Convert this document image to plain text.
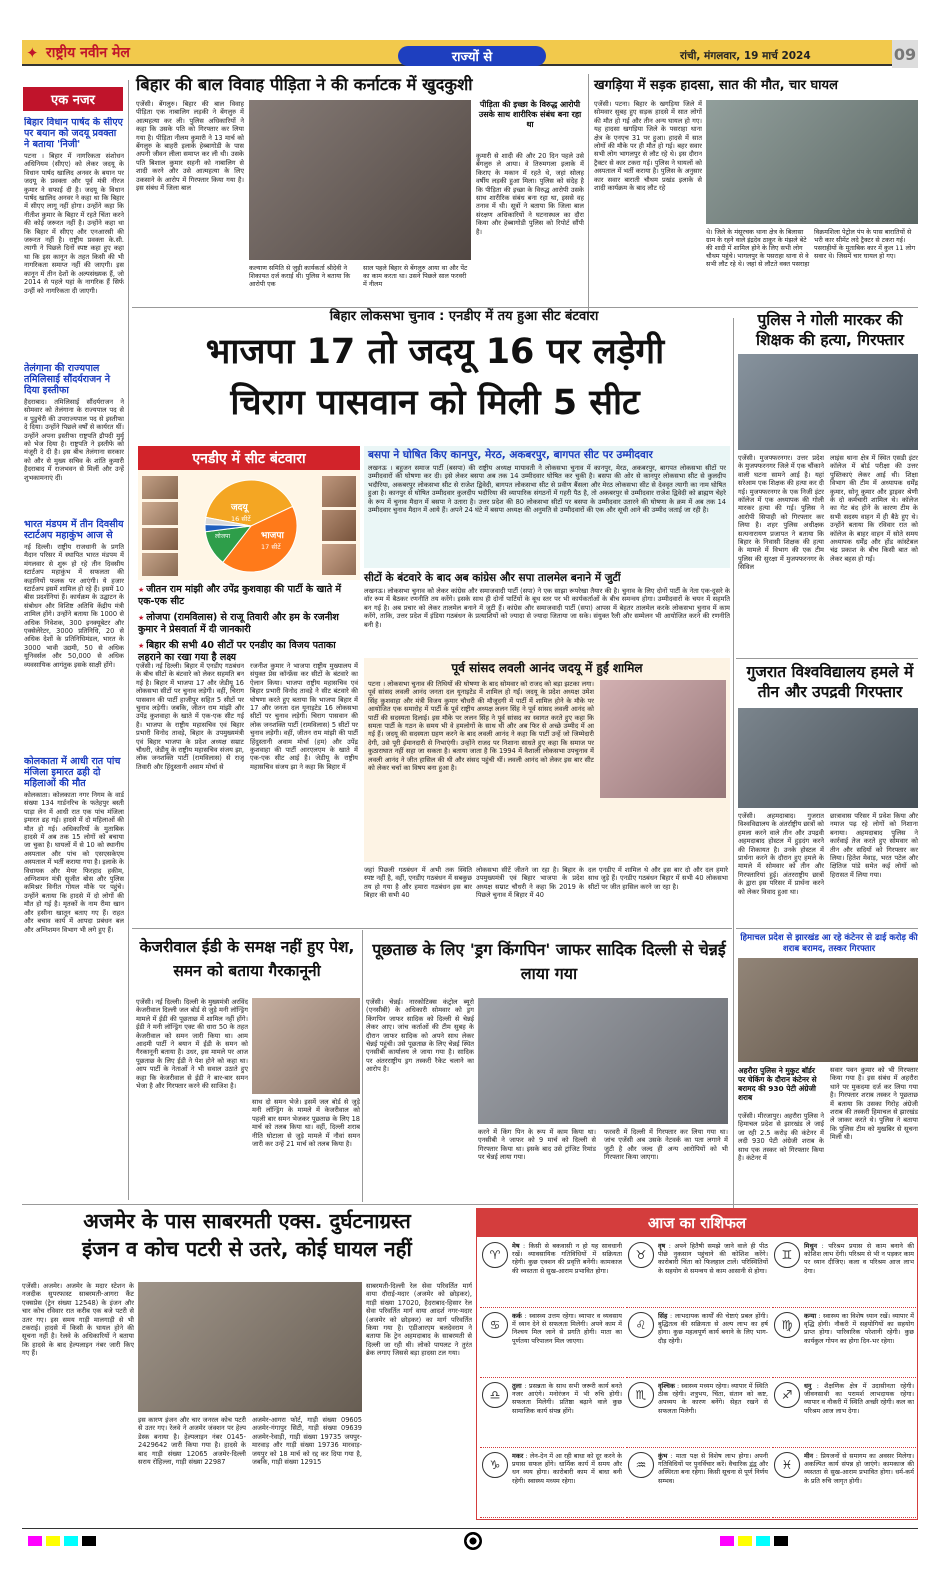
✦ राष्ट्रीय नवीन मेल	राज्यों से	रांची, मंगलवार, 19 मार्च 2024	09
एक नजर
बिहार विधान पार्षद के सीएए पर बयान को जदयू प्रवक्ता ने बताया 'निजी'
पटना । बिहार में नागरिकता संशोधन अधिनियम (सीएए) को लेकर जदयू के विधान पार्षद खालिद अनवर के बयान पर जदयू के प्रवक्ता और पूर्व मंत्री नीरज कुमार ने सफाई दी है। जदयू के विधान पार्षद खालिद अनवर ने कहा था कि बिहार में सीएए लागू नहीं होगा। उन्होंने कहा कि नीतीश कुमार के बिहार में रहते चिंता करने की कोई जरूरत नहीं है। उन्होंने कहा था कि बिहार में सीएए और एनआरसी की जरूरत नहीं है। राष्ट्रीय प्रवक्ता के.सी. त्यागी ने पिछले दिनों स्पष्ट कहा हुए कहा था कि इस कानून के तहत किसी की भी नागरिकता समाप्त नहीं की जाएगी। इस कानून में तीन देशों के अल्पसंख्यक हैं, जो 2014 से पहले यहां के नागरिक हैं सिर्फ उन्हीं को नागरिकता दी जाएगी।
तेलंगाना की राज्यपाल तमिलिसाई सौंदर्यराजन ने दिया इस्तीफा
हैदराबाद। तमिलिसाई सौंदर्यराजन ने सोमवार को तेलंगाना के राज्यपाल पद से व पुडुचेरी की उपराज्यपाल पद से इस्तीफा दे दिया। उन्होंने पिछले वर्षों से कार्यरत थीं। उन्होंने अपना इस्तीफा राष्ट्रपति द्रौपदी मुर्मू को भेज दिया है। राष्ट्रपति ने इस्तीफे को मंजूरी दे दी है। इस बीच तेलंगाना सरकार को और से मुख्य सचिव के शांति कुमारी हैदराबाद में राजभवन से मिलीं और उन्हें शुभकामनाएं दीं।
भारत मंडपम में तीन दिवसीय स्टार्टअप महाकुंभ आज से
नई दिल्ली। राष्ट्रीय राजधानी के प्रगति मैदान परिसर में स्थापित भारत मंडपम में मंगलवार से शुरू हो रहे तीन दिवसीय स्टार्टअप महाकुंभ में सफलता की कहानियों फलक पर आएंगी। ये हजार स्टार्टअप इसमें शामिल हो रहे हैं। इसमें 10 बीस प्रदर्शनियां हैं। कार्यक्रम के उद्घाटन के संबोधन और विशिष्ट अतिथि केंद्रीय मंत्री शामिल होंगे। उन्होंने बताया कि 1000 से अधिक निवेशक, 300 इनक्यूबेटर और एक्सेलेरेटर, 3000 प्रतिनिधि, 20 से अधिक देशों के प्रतिनिधिमंडल, भारत के 3000 भावी उद्यमी, 50 से अधिक यूनिवर्सल और 50,000 से अधिक व्यवसायिक आगंतुक इसके साक्षी होंगे।
कोलकाता में आधी रात पांच मंजिला इमारत ढही दो महिलाओं की मौत
कोलकाता। कोलकाता नगर निगम के वार्ड संख्या 134 गार्डनरिच के फतेहपुर बस्ती पाड़ा लेन में आधी रात एक पांच मंजिला इमारत ढह गई। हादसे में दो महिलाओं की मौत हो गई। अधिकारियों के मुताबिक हादसे में अब तक 15 लोगों को बचाया जा चुका है। घायलों में से 10 को स्थानीय अस्पताल और पांच को एसएसकेएम अस्पताल में भर्ती कराया गया है। इलाके के विधायक और मेयर फिरहाद हकीम, अग्निशमन मंत्री सुजीत बोस और पुलिस कमिश्नर विनीत गोयल मौके पर पहुंचे। उन्होंने बताया कि हादसे में दो लोगों की मौत हो गई है। मृतकों के नाम रीमा खान और हसीना खातून बताए गए हैं। राहत और बचाव कार्य में आपदा प्रबंधन बल और अग्निशमन विभाग भी लगे हुए हैं।
बिहार की बाल विवाह पीड़िता ने की कर्नाटक में खुदकुशी
एजेंसी। बेंगलुरु। बिहार की बाल विवाह पीड़िता एक नाबालिग लड़की ने बेंगलुरु में आत्महत्या कर ली। पुलिस अधिकारियों ने कहा कि उसके पति को गिरफ्तार कर लिया गया है। पीड़िता नीलम कुमारी ने 13 मार्च को बेंगलुरु के बाहरी इलाके हेब्बागोडी के पास अपनी जीवन लीला समाप्त कर ली थी। उसके पति बिशाल कुमार सहनी को नाबालिग से शादी करने और उसे आत्महत्या के लिए उकसाने के आरोप में गिरफ्तार किया गया है। इस संबंध में जिला बाल
कल्याण समिति से जुड़ी कार्यकर्ता श्रीदेवी ने शिकायत दर्ज कराई थी। पुलिस ने बताया कि आरोपी एक
साल पहले बिहार से बेंगलुरु आया था और पेंट का काम करता था। उसने पिछले साल फरवरी में नीलम
पीड़िता की इच्छा के विरुद्ध आरोपी उसके साथ शारीरिक संबंध बना रहा था
कुमारी से शादी की और 20 दिन पहले उसे बेंगलुरु ले आया। वे तिरुमगला इलाके में किराए के मकान में रहते थे, जहां सोलह वर्षीय लड़की हुआ मिला। पुलिस को संदेह है कि पीड़िता की इच्छा के विरुद्ध आरोपी उसके साथ शारीरिक संबंध बना रहा था, इससे वह तनाव में थी। सूत्रों ने बताया कि जिला बाल संरक्षण अधिकारियों ने घटनास्थल का दौरा किया और हेब्बागोडी पुलिस को रिपोर्ट सौंपी है।
खगड़िया में सड़क हादसा, सात की मौत, चार घायल
एजेंसी। पटना। बिहार के खगड़िया जिले में सोमवार सुबह हुए सड़क हादसे में सात लोगों की मौत हो गई और तीन अन्य घायल हो गए। यह हादसा खगड़िया जिले के पसराहा थाना क्षेत्र के एनएच 31 पर हुआ। हादसे में सात लोगों की मौके पर ही मौत हो गई। बहर सवार सभी लोग भागलपुर से लौट रहे थे। इस दौरान ट्रैक्टर से कार टकरा गई। पुलिस ने घायलों को अस्पताल में भर्ती कराया है। पुलिस के अनुसार कार सवार बाराती चौथम प्रखंड इलाके से शादी कार्यक्रम के बाद लौट रहे
थे। जिले के मंसूरचक थाना क्षेत्र के बिलासा ग्राम के रहने वाले इंद्रदेव ठाकुर के मंझले बेटे की शादी में शामिल होने के लिए सभी लोग चौथम पहुंचे। भागलपुर के पसराहा थाना से वे सभी लौट रहे थे। जहां से लौटते वक्त पसराहा
विक्रमशिला पेट्रोल पंप के पास बारातियों से भरी कार सीमेंट लदे ट्रैक्टर से टकरा गई। पसराहीयों के मुताबिक कार में कुल 11 लोग सवार थे। जिसमें चार घायल हो गए।
बिहार लोकसभा चुनाव : एनडीए में तय हुआ सीट बंटवारा
भाजपा 17 तो जदयू 16 पर लड़ेगी
चिराग पासवान को मिली 5 सीट
एनडीए में सीट बंटवारा
जदयू
16 सीटें
भाजपा
17 सीटें
लोजपा
★ जीतन राम मांझी और उपेंद्र कुशवाहा की पार्टी के खाते में एक-एक सीट
★ लोजपा (रामविलास) से राजू तिवारी और हम के रजनीश कुमार ने प्रेसवार्ता में दी जानकारी
★ बिहार की सभी 40 सीटों पर एनडीए का विजय पताका लहराने का रखा गया है लक्ष्य
एजेंसी। नई दिल्ली। बिहार में एनडीए गठबंधन के बीच सीटों के बंटवारे को लेकर सहमति बन गई है। बिहार में भाजपा 17 और जेडीयू 16 लोकसभा सीटों पर चुनाव लड़ेगी। वहीं, चिराग पासवान की पार्टी हाजीपुर सहित 5 सीटों पर चुनाव लड़ेगी। जबकि, जीतन राम मांझी और उपेंद्र कुशवाहा के खाते में एक-एक सीट गई है। भाजपा के राष्ट्रीय महासचिव एवं बिहार प्रभारी विनोद तावड़े, बिहार के उपमुख्यमंत्री एवं बिहार भाजपा के प्रदेश अध्यक्ष सम्राट चौधरी, जेडीयू के राष्ट्रीय महासचिव संजय झा, लोक जनशक्ति पार्टी (रामविलास) से राजू तिवारी और हिंदुस्तानी अवाम मोर्चा से
रजनीश कुमार ने भाजपा राष्ट्रीय मुख्यालय में संयुक्त प्रेस कॉन्फ्रेंस कर सीटों के बंटवारे का ऐलान किया। भाजपा राष्ट्रीय महासचिव एवं बिहार प्रभारी विनोद तावड़े ने सीट बंटवारे की घोषणा करते हुए बताया कि भाजपा बिहार में 17 और जनता दल यूनाइटेड 16 लोकसभा सीटों पर चुनाव लड़ेगी। चिराग पासवान की लोक जनशक्ति पार्टी (रामविलास) 5 सीटों पर चुनाव लड़ेगी। वहीं, जीतन राम मांझी की पार्टी हिंदुस्तानी अवाम मोर्चा (हम) और उपेंद्र कुशवाहा की पार्टी आरएलएम के खाते में एक-एक सीट आई है। जेडीयू के राष्ट्रीय महासचिव संजय झा ने कहा कि बिहार में
जहां पिछली गठबंधन में अभी तक स्थिति स्पष्ट नहीं है, वहीं, एनडीए गठबंधन में सबकुछ तय हो गया है और हमारा गठबंधन इस बार बिहार की सभी 40
लोकसभा सीटें जीतने जा रहा है। बिहार के उपमुख्यमंत्री एवं बिहार भाजपा के प्रदेश अध्यक्ष सम्राट चौधरी ने कहा कि 2019 के पिछले चुनाव में बिहार में 40
दल एनडीए में शामिल थे और इस बार दो और दल हमारे साथ जुड़े हैं। एनडीए गठबंधन बिहार में सभी 40 लोकसभा सीटों पर जीत हासिल करने जा रहा है।
बसपा ने घोषित किए कानपुर, मेरठ, अकबरपुर, बागपत सीट पर उम्मीदवार
लखनऊ । बहुजन समाज पार्टी (बसपा) की राष्ट्रीय अध्यक्ष मायावती ने लोकसभा चुनाव में कानपुर, मेरठ, अकबरपुर, बागपत लोकसभा सीटों पर उम्मीदवारों की घोषणा कर दी। इसे लेकर बसपा अब तक 14 उम्मीदवार घोषित कर चुकी है। बसपा की ओर से कानपुर लोकसभा सीट से कुलदीप भदौरिया, अकबरपुर लोकसभा सीट से राजेश द्विवेदी, बागपत लोकसभा सीट से प्रवीण बैंसला और मेरठ लोकसभा सीट से देववृत त्यागी का नाम घोषित हुआ है। कानपुर से घोषित उम्मीदवार कुलदीप भदौरिया की व्यापारिक संगठनों में गहरी पैठ है, तो अकबरपुर से उम्मीदवार राजेश द्विवेदी को ब्राह्मण चेहरे के रूप में चुनाव मैदान में बसपा ने उतारा है। उत्तर प्रदेश की 80 लोकसभा सीटों पर बसपा के उम्मीदवार उतारने की घोषणा के क्रम में अब तक 14 उम्मीदवार चुनाव मैदान में आये हैं। अपने 24 घंटे में बसपा अध्यक्ष की अनुमति से उम्मीदवारों की एक और सूची आने की उम्मीद जताई जा रही है।
सीटों के बंटवारे के बाद अब कांग्रेस और सपा तालमेल बनाने में जुटीं
लखनऊ। लोकसभा चुनाव को लेकर कांग्रेस और समाजवादी पार्टी (सपा) ने एक साझा रूपरेखा तैयार की है। चुनाव के लिए दोनों पार्टी के नेता एक-दूसरे के वॉर रूम में बैठकर रणनीति तय करेंगे। इसके साथ ही दोनों पार्टियों के बूथ स्तर पर भी कार्यकर्ताओं के बीच समन्वय होगा। उम्मीदवारों के चयन में सहमति बन गई है। अब प्रचार को लेकर तालमेल बनाने में जुटी हैं। कांग्रेस और समाजवादी पार्टी (सपा) आपस में बेहतर तालमेल करके लोकसभा चुनाव में काम करेंगे, ताकि, उत्तर प्रदेश में इंडिया गठबंधन के प्रत्याशियों को ज्यादा से ज्यादा जिताया जा सके। संयुक्त रैली और सम्मेलन भी आयोजित करने की रणनीति बनी है।
पूर्व सांसद लवली आनंद जदयू में हुईं शामिल
पटना । लोकसभा चुनाव की तिथियों की घोषणा के बाद सोमवार को राजद को बड़ा झटका लगा। पूर्व सांसद लवली आनंद जनता दल यूनाइटेड में शामिल हो गईं। जदयू के प्रदेश अध्यक्ष उमेश सिंह कुशवाहा और मंत्री विजय कुमार चौधरी की मौजूदगी में पार्टी में शामिल होने के मौके पर आयोजित एक समारोह में पार्टी के पूर्व राष्ट्रीय अध्यक्ष ललन सिंह ने पूर्व सांसद लवली आनंद को पार्टी की सदस्यता दिलाई। इस मौके पर ललन सिंह ने पूर्व सांसद का स्वागत करते हुए कहा कि समता पार्टी के गठन के समय भी वे हमलोगों के साथ थीं और अब फिर से अच्छे उम्मीद में आ गई हैं। जदयू की सदस्यता ग्रहण करने के बाद लवली आनंद ने कहा कि पार्टी उन्हें जो जिम्मेदारी देगी, उसे पूरी ईमानदारी से निभाएंगी। उन्होंने राजद पर निशाना साधते हुए कहा कि समाज पर कुठाराघात नहीं सहा जा सकता है। बताया जाता है कि 1994 में वैशाली लोकसभा उपचुनाव में लवली आनंद ने जीत हासिल की थी और संसद पहुंची थीं। लवली आनंद को लेकर इस बार सीट को लेकर चर्चा का विषय बना हुआ है।
पुलिस ने गोली मारकर की शिक्षक की हत्या, गिरफ्तार
एजेंसी। मुजफ्फरनगर। उत्तर प्रदेश के मुजफ्फरनगर जिले में एक चौंकाने वाली घटना सामने आई है। यहां सरेआम एक शिक्षक की हत्या कर दी गई। मुजफ्फरनगर के एक निजी इंटर कॉलेज में एक अध्यापक की गोली मारकर हत्या की गई। पुलिस ने आरोपी सिपाही को गिरफ्तार कर लिया है। शहर पुलिस अधीक्षक सत्यनारायण प्रजापत ने बताया कि बिहार के निवासी शिक्षक की हत्या के मामले में विभाग की एक टीम पुलिस की सुरक्षा में मुजफ्फरनगर के सिविल
लाइंस थाना क्षेत्र में स्थित एसडी इंटर कॉलेज में बोर्ड परीक्षा की उत्तर पुस्तिकाएं लेकर आई थी। शिक्षा विभाग की टीम में अध्यापक धर्मेंद्र कुमार, सोनू कुमार और ड्राइवर श्रेणी के दो कर्मचारी शामिल थे। कॉलेज का गेट बंद होने के कारण टीम के सभी सदस्य वाहन में ही बैठे हुए थे। उन्होंने बताया कि रविवार रात को कॉलेज के बाहर वाहन में सोते समय अध्यापक धर्मेंद्र और होंड कांस्टेबल चंद्र प्रकाश के बीच किसी बात को लेकर बहस हो गई।
गुजरात विश्वविद्यालय हमले में तीन और उपद्रवी गिरफ्तार
एजेंसी। अहमदाबाद। गुजरात विश्वविद्यालय के अंतर्राष्ट्रीय छात्रों को हमला करने वाले तीन और उपद्रवी अहमदाबाद होस्टल में हुड़दंग करने की शिकायत है। उनके होस्टल में प्रार्थना करने के दौरान हुए हमले के मामले में सोमवार को तीन और गिरफ्तारियां हुई। अंतरराष्ट्रीय छात्रों के द्वारा इस परिसर में प्रार्थना करने को लेकर विवाद हुआ था।
छात्रावास परिसर में प्रवेश किया और नमाज पढ़ रहे लोगों को निशाना बनाया। अहमदाबाद पुलिस ने कार्रवाई तेज करते हुए सोमवार को तीन और सदियों को गिरफ्तार कर लिया। हितेश मेवाड़, भरत पटेल और क्षितिज पांडे समेत कई लोगों को हिरासत में लिया गया।
हिमाचल प्रदेश से झारखंड आ रहे कंटेनर से ढाई करोड़ की शराब बरामद, तस्कर गिरफ्तार
अहरौरा पुलिस ने मुकुट बॉर्डर पर चेकिंग के दौरान कंटेनर से बरामद की 930 पेटी अंग्रेजी शराब
एजेंसी। मीरजापुर। अहरौरा पुलिस ने हिमाचल प्रदेश से झारखंड ले जाई जा रही 2.5 करोड़ की कंटेनर में लदी 930 पेटी अंग्रेजी शराब के साथ एक तस्कर को गिरफ्तार किया है। कंटेनर में
सवार पवन कुमार को भी गिरफ्तार किया गया है। इस संबंध में अहरौरा थाने पर मुकदमा दर्ज कर लिया गया है। गिरफ्तार शराब तस्कर ने पूछताछ में बताया कि उसका गिरोह अंग्रेजी शराब की तस्करी हिमाचल से झारखंड ले जाकर करते थे। पुलिस ने बताया कि पुलिस टीम को मुखबिर से सूचना मिली थी।
केजरीवाल ईडी के समक्ष नहीं हुए पेश, समन को बताया गैरकानूनी
एजेंसी। नई दिल्ली। दिल्ली के मुख्यमंत्री अरविंद केजरीवाल दिल्ली जल बोर्ड से जुड़े मनी लॉन्ड्रिंग मामले में ईडी की पूछताछ में शामिल नहीं होंगे। ईडी ने मनी लॉन्ड्रिंग एक्ट की धारा 50 के तहत केजरीवाल को समन जारी किया था। आम आदमी पार्टी ने बयान में ईडी के समन को गैरकानूनी बताया है। उधर, इस मामले पर आज पूछताछ के लिए ईडी ने पेश होने को कहा था। आप पार्टी के नेताओं ने भी सवाल उठाते हुए कहा कि केजरीवाल से ईडी ने बार-बार समन भेजा है और गिरफ्तार करने की साजिश है।
साथ दो समन भेजे। इसमें जल बोर्ड से जुड़े मनी लॉन्ड्रिंग के मामले में केजरीवाल को पहली बार समन भेजकर पूछताछ के लिए 18 मार्च को तलब किया था। वहीं, दिल्ली शराब नीति घोटाला से जुड़े मामले में नौवां समन जारी कर उन्हें 21 मार्च को तलब किया है।
पूछताछ के लिए 'ड्रग किंगपिन' जाफर सादिक दिल्ली से चेन्नई लाया गया
एजेंसी। चेन्नई। नारकोटिक्स कंट्रोल ब्यूरो (एनसीबी) के अधिकारी सोमवार को ड्रग किंगपिन जाफर सादिक को दिल्ली से चेन्नई लेकर आए। जांच कर्ताओं की टीम सुबह के दौरान जाफर सादिक को अपने साथ लेकर चेन्नई पहुंची। उसे पूछताछ के लिए चेन्नई स्थित एनसीबी कार्यालय ले जाया गया है। सादिक पर अंतरराष्ट्रीय ड्रग तस्करी रैकेट चलाने का आरोप है।
करने में किंग पिन के रूप में काम किया था। एनसीबी ने जाफर को 9 मार्च को दिल्ली से गिरफ्तार किया था। इसके बाद उसे ट्रांजिट रिमांड पर चेन्नई लाया गया।
फरवरी में दिल्ली में गिरफ्तार कर लिया गया था। जांच एजेंसी अब उसके नेटवर्क का पता लगाने में जुटी है और जल्द ही अन्य आरोपियों को भी गिरफ्तार किया जाएगा।
अजमेर के पास साबरमती एक्स. दुर्घटनाग्रस्त
इंजन व कोच पटरी से उतरे, कोई घायल नहीं
एजेंसी। अजमेर। अजमेर के मदार स्टेशन के नजदीक सुपरफास्ट साबरमती-आगरा कैंट एक्सप्रेस (ट्रेन संख्या 12548) के इंजन और चार कोच रविवार रात करीब एक बजे पटरी से उतर गए। इस समय गाड़ी मालगाड़ी से भी टकराई। हादसे में किसी के घायल होने की सूचना नहीं है। रेलवे के अधिकारियों ने बताया कि हादसे के बाद हेल्पलाइन नंबर जारी किए गए हैं।
इस कारण इंजन और चार जनरल कोच पटरी से उतर गए। रेलवे ने अजमेर जंक्शन पर हेल्प डेस्क बनाया है। हेल्पलाइन नंबर 0145-2429642 जारी किया गया है। हादसे के बाद गाड़ी संख्या 12065 अजमेर-दिल्ली सराय रोहिल्ला, गाड़ी संख्या 22987
अजमेर-आगरा फोर्ट, गाड़ी संख्या 09605 अजमेर-गंगापुर सिटी, गाड़ी संख्या 09639 अजमेर-रेवाड़ी, गाड़ी संख्या 19735 जयपुर-मारवाड़ और गाड़ी संख्या 19736 मारवाड़-जयपुर को 18 मार्च को रद्द कर दिया गया है, जबकि, गाड़ी संख्या 12915
साबरमती-दिल्ली रेल सेवा परिवर्तित मार्ग वाया दौराई-मदार (अजमेर को छोड़कर), गाड़ी संख्या 17020, हैदराबाद-हिसार रेल सेवा परिवर्तित मार्ग वाया आदर्श नगर-मदार (अजमेर को छोड़कर) का मार्ग परिवर्तित किया गया है। एडीआरएम बलदेवराम ने बताया कि ट्रेन अहमदाबाद के साबरमती से दिल्ली जा रही थी। लोको पायलट ने तुरंत ब्रेक लगाए जिससे बड़ा हादसा टल गया।
आज का राशिफल
♈
मेष : किसी से बकवासी न हो यह सावधानी रखें। व्यावसायिक गतिविधियों में सक्रियता रहेगी। कुछ एक्शन की प्रवृत्ति बनेंगी। कामकाज की व्यस्तता से सुख-आराम प्रभावित होगा।
♉
वृष : अपने हितैषी समझे जाने वाले ही पीठ पीछे नुकसान पहुंचाने की कोशिश करेंगे। कारोबारी चिंता को फिलहाल टालें। परिस्थितियों के सहयोग से समन्वय से काम आसानी से होगा।
♊
मिथुन : परिश्रम प्रयास से काम बनाने की कोशिश लाभ देंगी। परिश्रम से भी न पड़कर काम पर ध्यान दीजिए। कला व परिश्रम आज लाभ देगा।
♋
कर्क : स्वास्थ्य उत्तम रहेगा। व्यापार व व्यवसाय में ध्यान देने से सफलता मिलेगी। अपने काम में निश्चय मिल जाने से प्रगति होगी। माता का पूर्णतया परिपालन मिल जाएगा।
♌
सिंह : लाभदायक कार्यों की चेष्टाएं प्रबल होंगी। बुद्धितत्व की सक्रियता से अल्प लाभ का हर्ष होगा। कुछ महत्वपूर्ण कार्य बनाने के लिए भाग-दौड़ रहेगी।
♍
कन्या : स्वास्थ्य का विशेष ध्यान रखें। व्यापार में वृद्धि होगी। नौकरी में सहयोगियों का सहयोग प्राप्त होगा। पारिवारिक परेशानी रहेगी। कुछ कार्यकुल गोपन का होगा दिन-भर रहेगा।
♎
तुला : प्रसन्नता के साथ सभी जरूरी कार्य बनते नजर आएंगे। मनोरंजन में भी रुचि होगी। सफलता मिलेगी। प्रतिष्ठा बढ़ाने वाले कुछ सामाजिक कार्य संपन्न होंगे।
♏
वृश्चिक : स्वास्थ्य मध्यम रहेगा। व्यापार में स्थिति ठीक रहेगी। शत्रुभय, चिंता, संतान को कष्ट, अपव्यय के कारण बनेंगे। सेहत रखने से सफलता मिलेगी।
♐
धनु : शैक्षणिक क्षेत्र में उदासीनता रहेगी। जीवनसाथी का परामर्श लाभदायक रहेगा। व्यापार व नौकरी में स्थिति अच्छी रहेगी। कल का परिश्रम आज लाभ देगा।
♑
मकर : लेन-देन में आ रही बाधा को दूर करने के प्रयास सफल होंगे। धार्मिक कार्य में समय और धन व्यय होगा। कारोबारी काम में बाधा बनी रहेगी। स्वास्थ्य मध्यम रहेगा।
♒
कुंभ : माता पक्ष से विशेष लाभ होगा। अपनी गतिविधियों पर पुनर्विचार करें। वैचारिक द्वंद्व और अस्थिरता बना रहेगा। किसी सूचना से पूर्ण निर्णय सम्भव।
♓
मीन : प्रियजनों से समागम का अवसर मिलेगा। अकल्पित कार्य संपन्न हो जाएंगे। कामकाज की व्यस्तता से सुख-आराम प्रभावित होगा। धर्म-कर्म के प्रति रुचि जागृत होगी।
